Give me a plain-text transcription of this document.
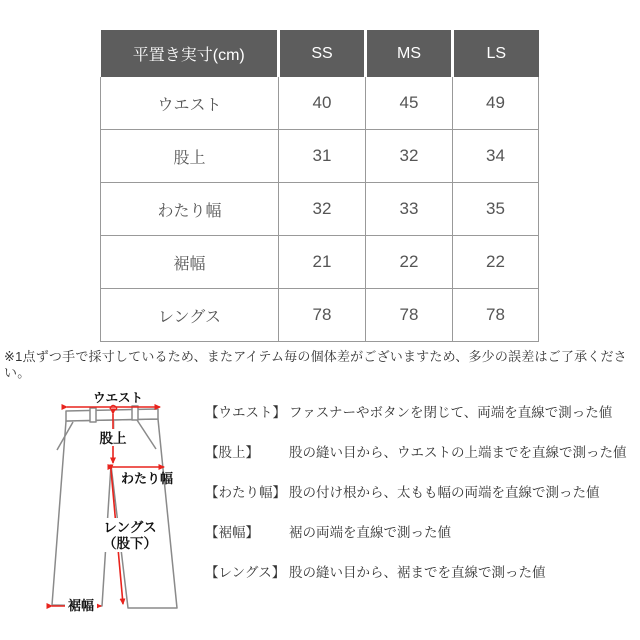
平置き実寸(cm)	SS	MS	LS
ウエスト	40	45	49
股上	31	32	34
わたり幅	32	33	35
裾幅	21	22	22
レングス	78	78	78
※1点ずつ手で採寸しているため、またアイテム毎の個体差がございますため、多少の誤差はご了承ください。
ウエスト
股上
わたり幅
レングス
（股下）
裾幅
【ウエスト】 ファスナーやボタンを閉じて、両端を直線で測った値
【股上】	股の縫い目から、ウエストの上端までを直線で測った値
【わたり幅】 股の付け根から、太もも幅の両端を直線で測った値
【裾幅】	裾の両端を直線で測った値
【レングス】 股の縫い目から、裾までを直線で測った値
